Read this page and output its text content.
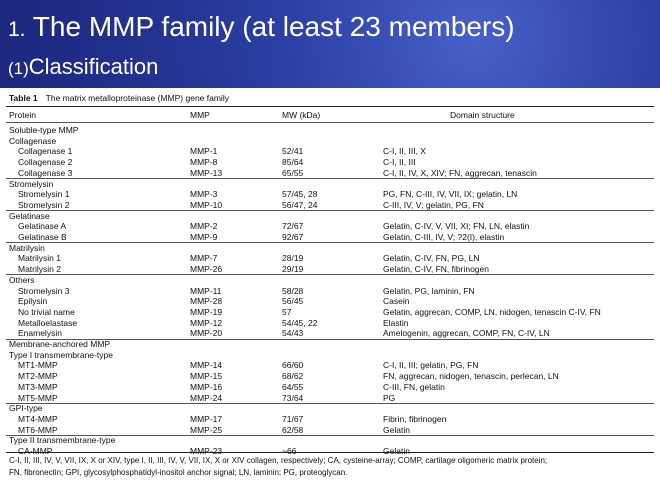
1. The MMP family (at least 23 members)
(1)Classification
Table 1 The matrix metalloproteinase (MMP) gene family
Protein	MMP	MW (kDa)	Domain structure
C-I, II, III, IV, V, VII, IX, X or XIV, type I, II, III, IV, V, VII, IX, X or XIV collagen, respectively; CA, cysteine-array; COMP, cartilage oligomeric matrix protein;
FN, fibronectin; GPI, glycosylphosphatidyl-inositol anchor signal; LN, laminin; PG, proteoglycan.
Soluble-type MMP
Collagenase
Collagenase 1	MMP-1	52/41	C-I, II, III, X
Collagenase 2	MMP-8	85/64	C-I, II, III
Collagenase 3	MMP-13	65/55	C-I, II, IV, X, XIV; FN, aggrecan, tenascin
Stromelysin
Stromelysin 1	MMP-3	57/45, 28	PG, FN, C-III, IV, VII, IX; gelatin, LN
Stromelysin 2	MMP-10	56/47, 24	C-III, IV, V; gelatin, PG, FN
Gelatinase
Gelatinase A	MMP-2	72/67	Gelatin, C-IV, V, VII, XI; FN, LN, elastin
Gelatinase B	MMP-9	92/67	Gelatin, C-III, IV, V; ?2(I), elastin
Matrilysin
Matrilysin 1	MMP-7	28/19	Gelatin, C-IV, FN, PG, LN
Matrilysin 2	MMP-26	29/19	Gelatin, C-IV, FN, fibrinogen
Others
Stromelysin 3	MMP-11	58/28	Gelatin, PG, laminin, FN
Epilysin	MMP-28	56/45	Casein
No trivial name	MMP-19	57	Gelatin, aggrecan, COMP, LN, nidogen, tenascin C-IV, FN
Metalloelastase	MMP-12	54/45, 22	Elastin
Enamelysin	MMP-20	54/43	Amelogenin, aggrecan, COMP, FN, C-IV, LN
Membrane-anchored MMP
Type I transmembrane-type
MT1-MMP	MMP-14	66/60	C-I, II, III; gelatin, PG, FN
MT2-MMP	MMP-15	68/62	FN, aggrecan, nidogen, tenascin, perlecan, LN
MT3-MMP	MMP-16	64/55	C-III, FN, gelatin
MT5-MMP	MMP-24	73/64	PG
GPI-type
MT4-MMP	MMP-17	71/67	Fibrin, fibrinogen
MT6-MMP	MMP-25	62/58	Gelatin
Type II transmembrane-type
CA-MMP	MMP-23	~66	Gelatin
